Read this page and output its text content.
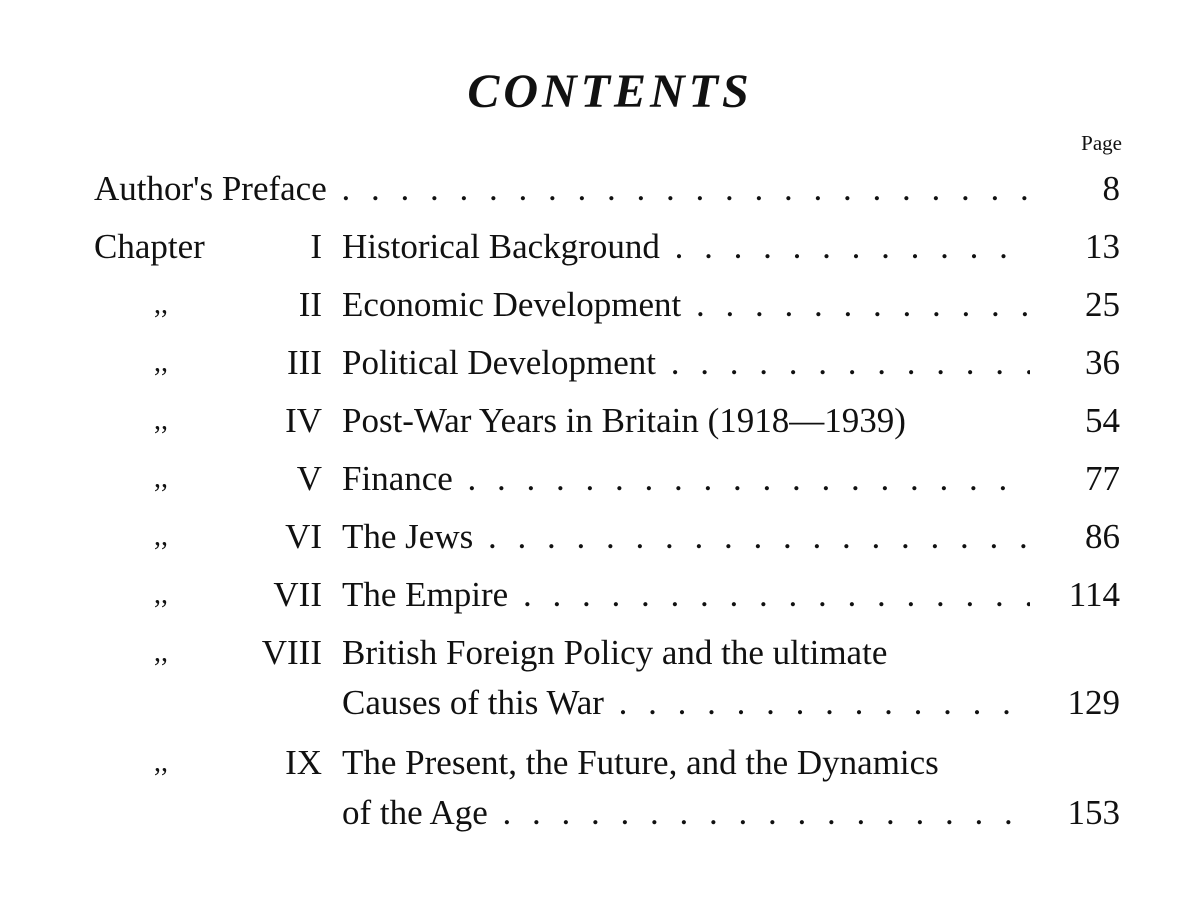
CONTENTS
Page
Author's Preface . . .	8
Chapter	I Historical Background . . .	13
,,	II Economic Development . . .	25
,,	III Political Development . . .	36
,,	IV Post-War Years in Britain (1918—1939)	54
,,	V Finance . . .	77
,,	VI The Jews . . .	86
,,	VII The Empire . . .	114
,,	VIII British Foreign Policy and the ultimate
Causes of this War . . .	129
,,	IX The Present, the Future, and the Dynamics
of the Age . . .	153
